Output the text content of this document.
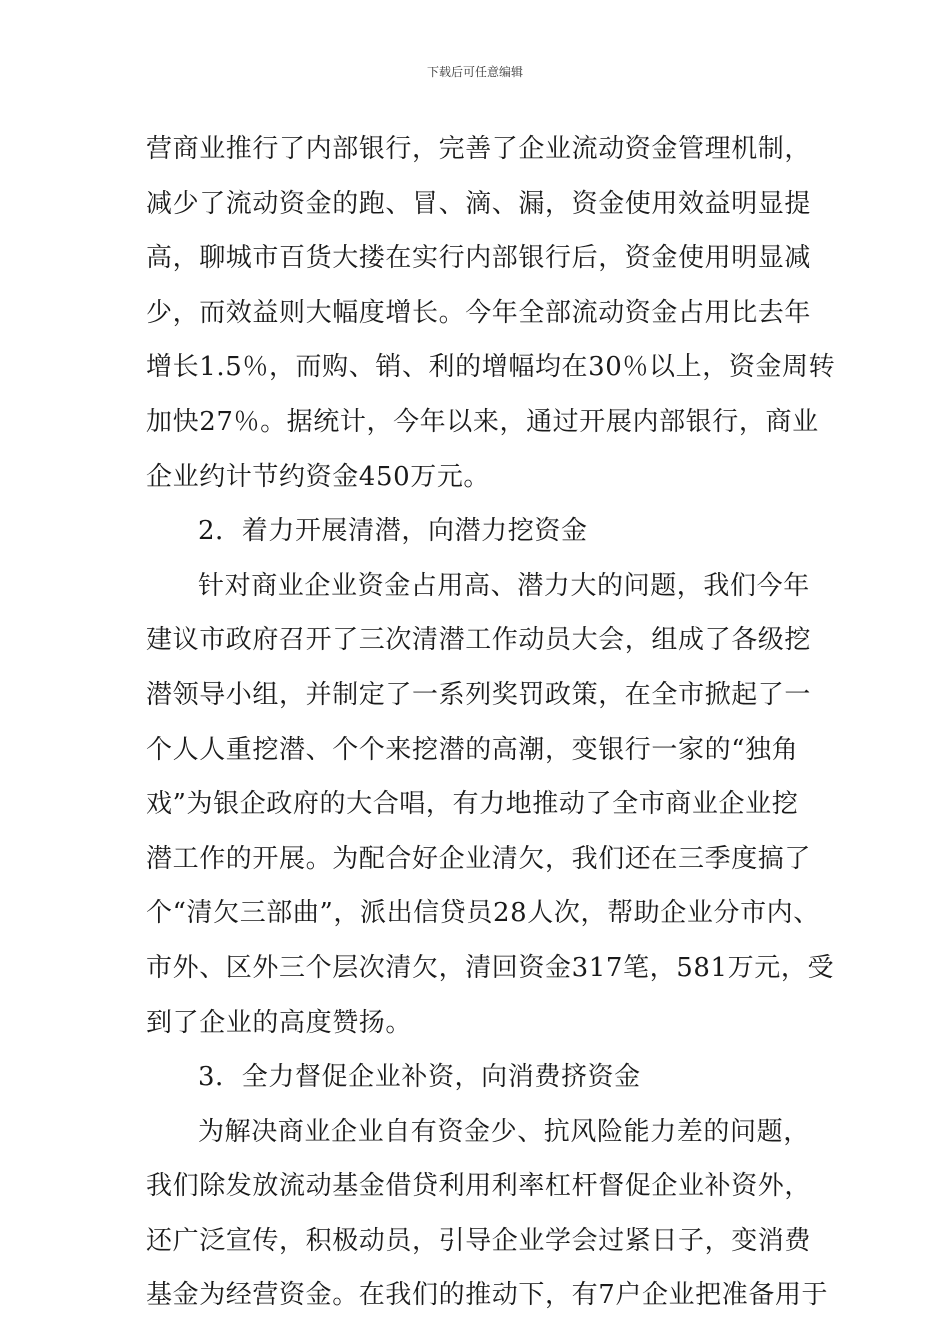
下载后可任意编辑
营商业推行了内部银行，完善了企业流动资金管理机制，
减少了流动资金的跑、冒、滴、漏，资金使用效益明显提
高，聊城市百货大搂在实行内部银行后，资金使用明显减
少，而效益则大幅度增长。今年全部流动资金占用比去年
增长1.5％，而购、销、利的增幅均在30％以上，资金周转
加快27％。据统计，今年以来，通过开展内部银行，商业
企业约计节约资金450万元。
2．着力开展清潜，向潜力挖资金
针对商业企业资金占用高、潜力大的问题，我们今年
建议市政府召开了三次清潜工作动员大会，组成了各级挖
潜领导小组，并制定了一系列奖罚政策，在全市掀起了一
个人人重挖潜、个个来挖潜的高潮，变银行一家的“独角
戏”为银企政府的大合唱，有力地推动了全市商业企业挖
潜工作的开展。为配合好企业清欠，我们还在三季度搞了
个“清欠三部曲”，派出信贷员28人次，帮助企业分市内、
市外、区外三个层次清欠，清回资金317笔，581万元，受
到了企业的高度赞扬。
3．全力督促企业补资，向消费挤资金
为解决商业企业自有资金少、抗风险能力差的问题，
我们除发放流动基金借贷利用利率杠杆督促企业补资外，
还广泛宣传，积极动员，引导企业学会过紧日子，变消费
基金为经营资金。在我们的推动下，有7户企业把准备用于
